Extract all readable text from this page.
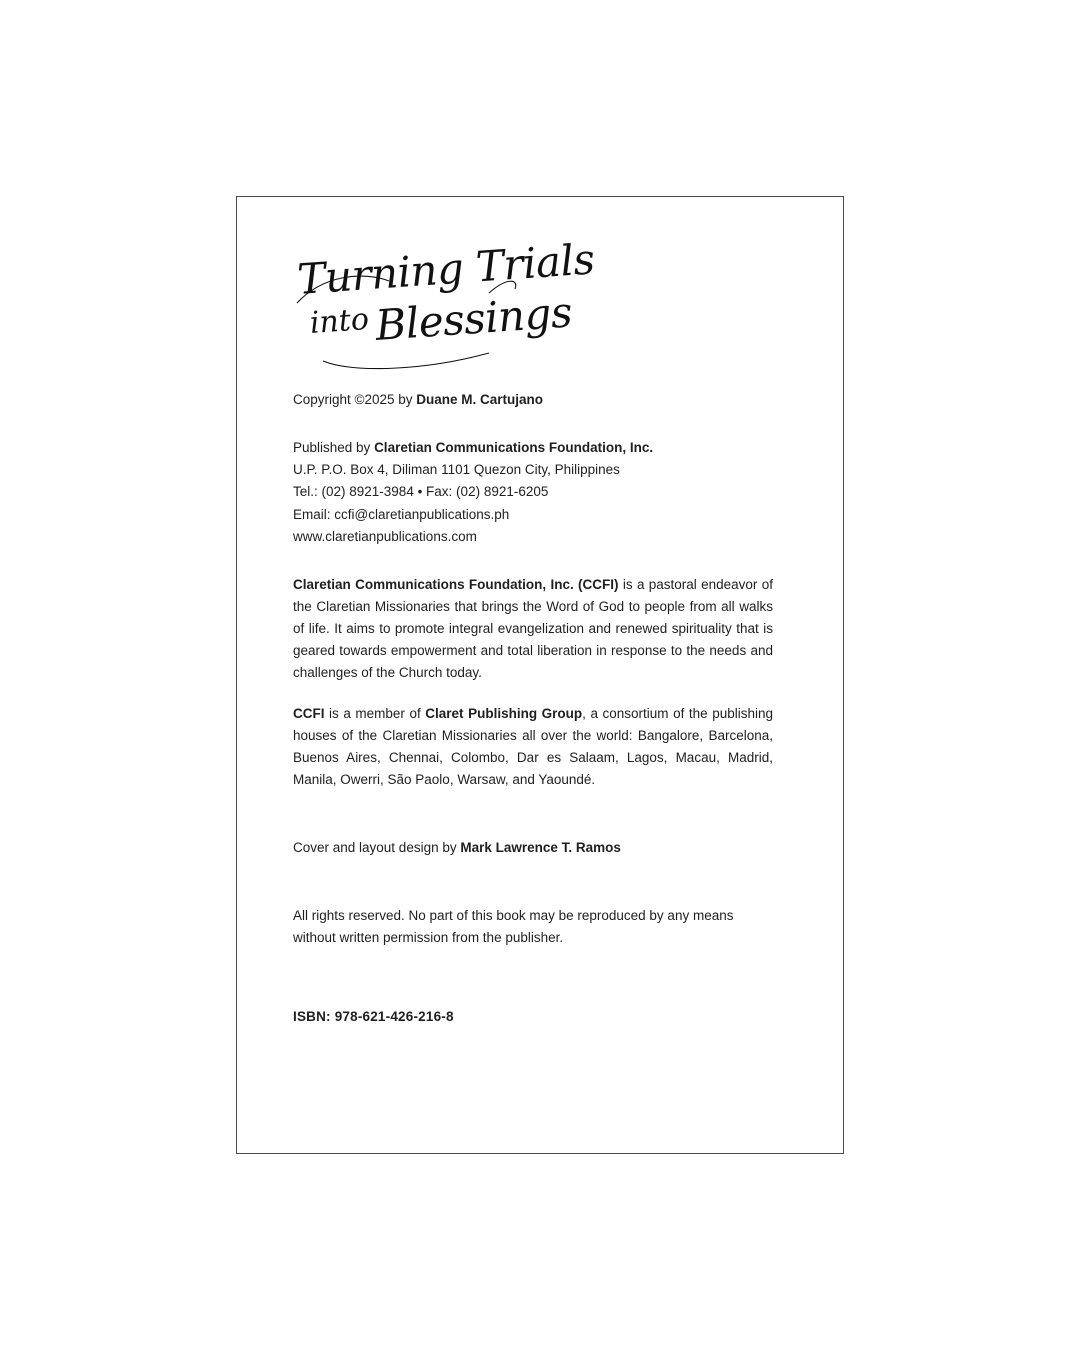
Turning Trials
into Blessings
Copyright ©2025 by Duane M. Cartujano
Published by Claretian Communications Foundation, Inc.
U.P. P.O. Box 4, Diliman 1101 Quezon City, Philippines
Tel.: (02) 8921-3984 • Fax: (02) 8921-6205
Email: ccfi@claretianpublications.ph
www.claretianpublications.com
Claretian Communications Foundation, Inc. (CCFI) is a pastoral endeavor of the Claretian Missionaries that brings the Word of God to people from all walks of life. It aims to promote integral evangelization and renewed spirituality that is geared towards empowerment and total liberation in response to the needs and challenges of the Church today.
CCFI is a member of Claret Publishing Group, a consortium of the publishing houses of the Claretian Missionaries all over the world: Bangalore, Barcelona, Buenos Aires, Chennai, Colombo, Dar es Salaam, Lagos, Macau, Madrid, Manila, Owerri, São Paolo, Warsaw, and Yaoundé.
Cover and layout design by Mark Lawrence T. Ramos
All rights reserved. No part of this book may be reproduced by any means without written permission from the publisher.
ISBN: 978-621-426-216-8
